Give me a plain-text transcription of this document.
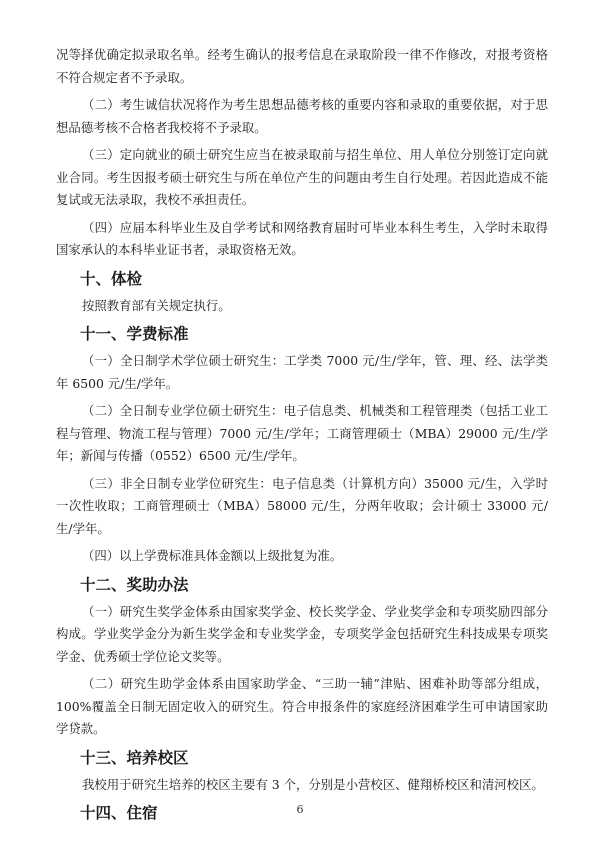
况等择优确定拟录取名单。经考生确认的报考信息在录取阶段一律不作修改，对报考资格不符合规定者不予录取。

（二）考生诚信状况将作为考生思想品德考核的重要内容和录取的重要依据，对于思想品德考核不合格者我校将不予录取。

（三）定向就业的硕士研究生应当在被录取前与招生单位、用人单位分别签订定向就业合同。考生因报考硕士研究生与所在单位产生的问题由考生自行处理。若因此造成不能复试或无法录取，我校不承担责任。

（四）应届本科毕业生及自学考试和网络教育届时可毕业本科生考生，入学时未取得国家承认的本科毕业证书者，录取资格无效。

十、体检

按照教育部有关规定执行。

十一、学费标准

（一）全日制学术学位硕士研究生：工学类 7000 元/生/学年，管、理、经、法学类年 6500 元/生/学年。

（二）全日制专业学位硕士研究生：电子信息类、机械类和工程管理类（包括工业工程与管理、物流工程与管理）7000 元/生/学年；工商管理硕士（MBA）29000 元/生/学年；新闻与传播（0552）6500 元/生/学年。

（三）非全日制专业学位研究生：电子信息类（计算机方向）35000 元/生，入学时一次性收取；工商管理硕士（MBA）58000 元/生，分两年收取；会计硕士 33000 元/生/学年。

（四）以上学费标准具体金额以上级批复为准。

十二、奖助办法

（一）研究生奖学金体系由国家奖学金、校长奖学金、学业奖学金和专项奖励四部分构成。学业奖学金分为新生奖学金和专业奖学金，专项奖学金包括研究生科技成果专项奖学金、优秀硕士学位论文奖等。

（二）研究生助学金体系由国家助学金、“三助一辅”津贴、困难补助等部分组成，100%覆盖全日制无固定收入的研究生。符合申报条件的家庭经济困难学生可申请国家助学贷款。

十三、培养校区

我校用于研究生培养的校区主要有 3 个，分别是小营校区、健翔桥校区和清河校区。

十四、住宿	6
